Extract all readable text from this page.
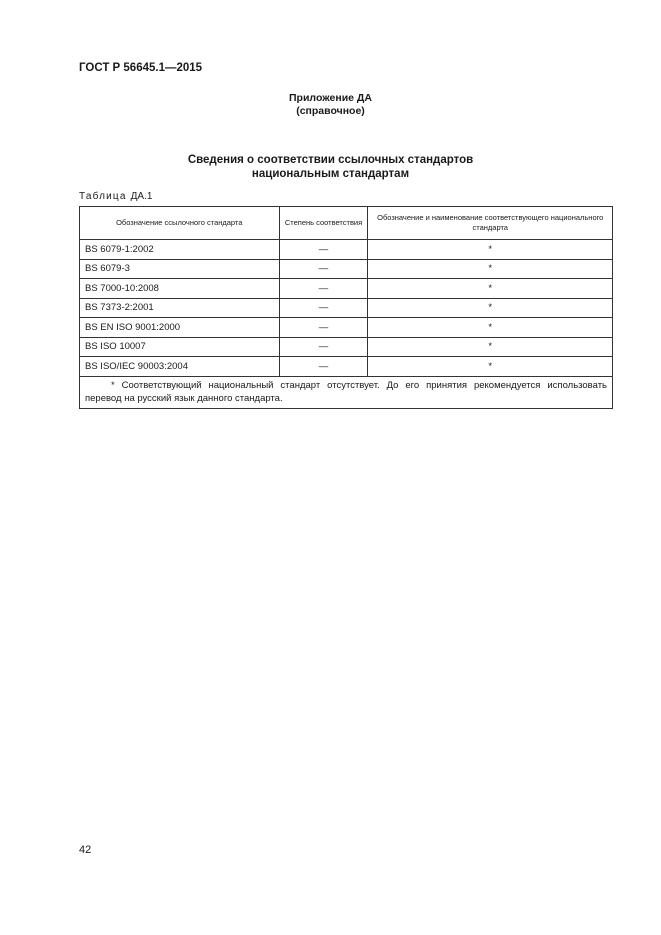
ГОСТ Р 56645.1—2015
Приложение ДА
(справочное)
Сведения о соответствии ссылочных стандартов
национальным стандартам
Таблица ДА.1
Обозначение ссылочного стандарта	Степень соответствия	Обозначение и наименование соответствующего национального стандарта
BS 6079-1:2002	—	*
BS 6079-3	—	*
BS 7000-10:2008	—	*
BS 7373-2:2001	—	*
BS EN ISO 9001:2000	—	*
BS ISO 10007	—	*
BS ISO/IEC 90003:2004	—	*
* Соответствующий национальный стандарт отсутствует. До его принятия рекомендуется использовать перевод на русский язык данного стандарта.		
42
